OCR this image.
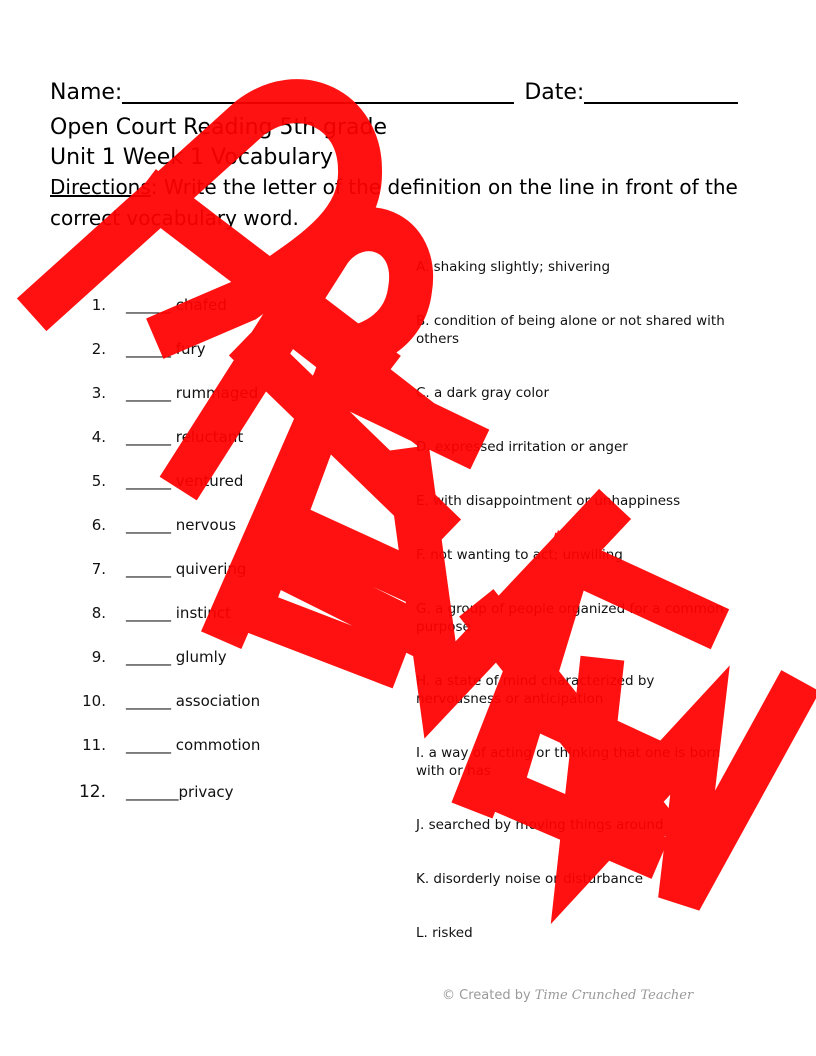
Name:	Date:
Open Court Reading 5th grade
Unit 1 Week 1 Vocabulary
Directions: Write the letter of the definition on the line in front of the correct vocabulary word.
1. ______ chafed
2. ______ fury
3. ______ rummaged
4. ______ reluctant
5. ______ ventured
6. ______ nervous
7. ______ quivering
8. ______ instinct
9. ______ glumly
10. ______ association
11. ______ commotion
12. _______privacy
A. shaking slightly; shivering
B. condition of being alone or not shared with others
C. a dark gray color
D. expressed irritation or anger
E. with disappointment or unhappiness
F. not wanting to act; unwilling
G. a group of people organized for a common purpose
H. a state of mind characterized by nervousness or anticipation
I. a way of acting or thinking that one is born with or has
J. searched by moving things around
K. disorderly noise or disturbance
L. risked
© Created by Time Crunched Teacher
